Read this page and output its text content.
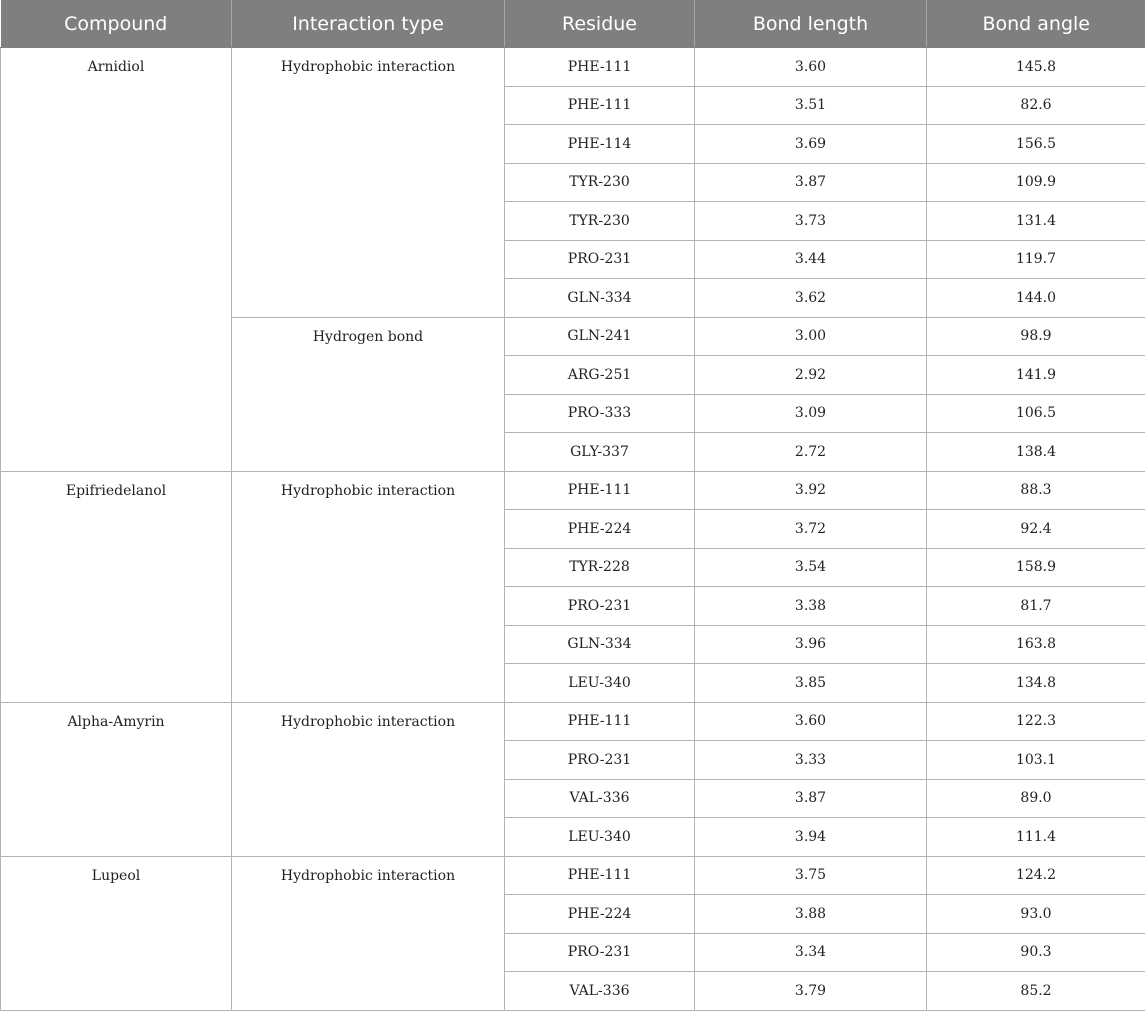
Compound	Interaction type	Residue	Bond length	Bond angle
Arnidiol	Hydrophobic interaction	PHE-111	3.60	145.8
		PHE-111	3.51	82.6
		PHE-114	3.69	156.5
		TYR-230	3.87	109.9
		TYR-230	3.73	131.4
		PRO-231	3.44	119.7
		GLN-334	3.62	144.0
	Hydrogen bond	GLN-241	3.00	98.9
		ARG-251	2.92	141.9
		PRO-333	3.09	106.5
		GLY-337	2.72	138.4
Epifriedelanol	Hydrophobic interaction	PHE-111	3.92	88.3
		PHE-224	3.72	92.4
		TYR-228	3.54	158.9
		PRO-231	3.38	81.7
		GLN-334	3.96	163.8
		LEU-340	3.85	134.8
Alpha-Amyrin	Hydrophobic interaction	PHE-111	3.60	122.3
		PRO-231	3.33	103.1
		VAL-336	3.87	89.0
		LEU-340	3.94	111.4
Lupeol	Hydrophobic interaction	PHE-111	3.75	124.2
		PHE-224	3.88	93.0
		PRO-231	3.34	90.3
		VAL-336	3.79	85.2
